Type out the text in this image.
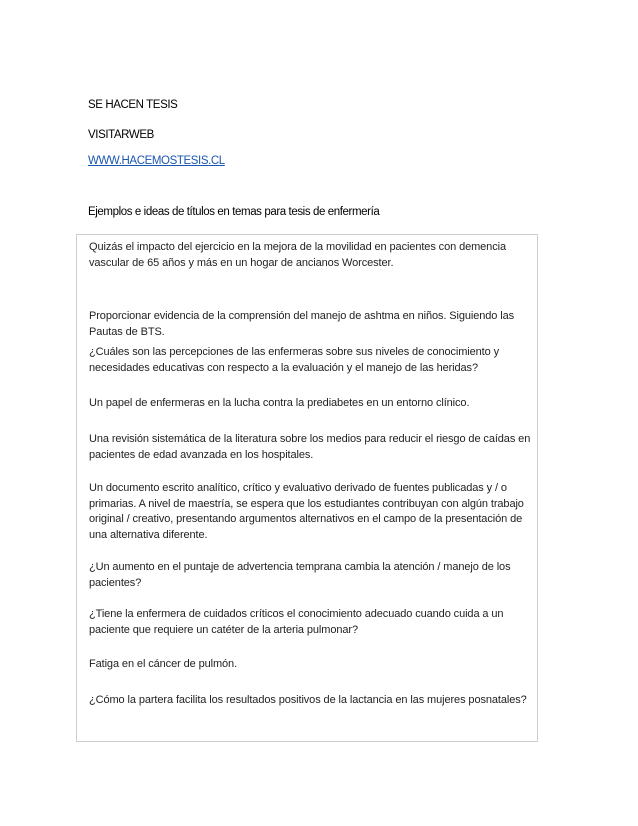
SE HACEN TESIS
VISITARWEB
WWW.HACEMOSTESIS.CL
Ejemplos e ideas de títulos en temas para tesis de enfermería

Quizás el impacto del ejercicio en la mejora de la movilidad en pacientes con demencia vascular de 65 años y más en un hogar de ancianos Worcester.

Proporcionar evidencia de la comprensión del manejo de ashtma en niños. Siguiendo las Pautas de BTS.

¿Cuáles son las percepciones de las enfermeras sobre sus niveles de conocimiento y necesidades educativas con respecto a la evaluación y el manejo de las heridas?

Un papel de enfermeras en la lucha contra la prediabetes en un entorno clínico.

Una revisión sistemática de la literatura sobre los medios para reducir el riesgo de caídas en pacientes de edad avanzada en los hospitales.

Un documento escrito analítico, crítico y evaluativo derivado de fuentes publicadas y / o primarias. A nivel de maestría, se espera que los estudiantes contribuyan con algún trabajo original / creativo, presentando argumentos alternativos en el campo de la presentación de una alternativa diferente.

¿Un aumento en el puntaje de advertencia temprana cambia la atención / manejo de los pacientes?

¿Tiene la enfermera de cuidados críticos el conocimiento adecuado cuando cuida a un paciente que requiere un catéter de la arteria pulmonar?

Fatiga en el cáncer de pulmón.

¿Cómo la partera facilita los resultados positivos de la lactancia en las mujeres posnatales?
